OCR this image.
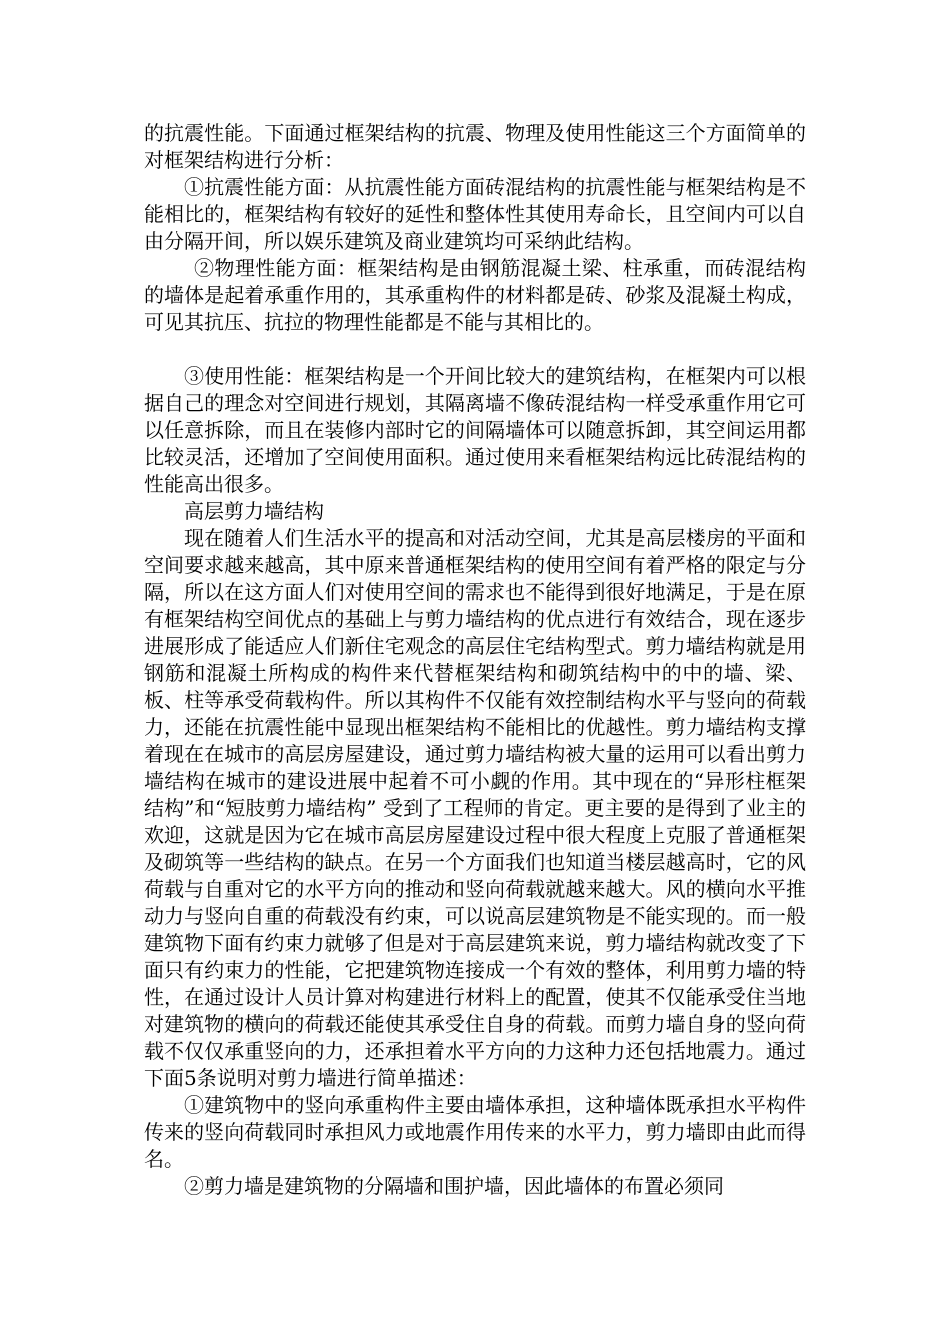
的抗震性能。下面通过框架结构的抗震、物理及使用性能这三个方面简单的对框架结构进行分析：

①抗震性能方面：从抗震性能方面砖混结构的抗震性能与框架结构是不能相比的，框架结构有较好的延性和整体性其使用寿命长，且空间内可以自由分隔开间，所以娱乐建筑及商业建筑均可采纳此结构。

②物理性能方面：框架结构是由钢筋混凝土梁、柱承重，而砖混结构的墙体是起着承重作用的，其承重构件的材料都是砖、砂浆及混凝土构成，可见其抗压、抗拉的物理性能都是不能与其相比的。

③使用性能：框架结构是一个开间比较大的建筑结构，在框架内可以根据自己的理念对空间进行规划，其隔离墙不像砖混结构一样受承重作用它可以任意拆除，而且在装修内部时它的间隔墙体可以随意拆卸，其空间运用都比较灵活，还增加了空间使用面积。通过使用来看框架结构远比砖混结构的性能高出很多。

高层剪力墙结构

现在随着人们生活水平的提高和对活动空间，尤其是高层楼房的平面和空间要求越来越高，其中原来普通框架结构的使用空间有着严格的限定与分隔，所以在这方面人们对使用空间的需求也不能得到很好地满足，于是在原有框架结构空间优点的基础上与剪力墙结构的优点进行有效结合，现在逐步进展形成了能适应人们新住宅观念的高层住宅结构型式。剪力墙结构就是用钢筋和混凝土所构成的构件来代替框架结构和砌筑结构中的中的墙、梁、板、柱等承受荷载构件。所以其构件不仅能有效控制结构水平与竖向的荷载力，还能在抗震性能中显现出框架结构不能相比的优越性。剪力墙结构支撑着现在在城市的高层房屋建设，通过剪力墙结构被大量的运用可以看出剪力墙结构在城市的建设进展中起着不可小觑的作用。其中现在的“异形柱框架结构”和“短肢剪力墙结构” 受到了工程师的肯定。更主要的是得到了业主的欢迎，这就是因为它在城市高层房屋建设过程中很大程度上克服了普通框架及砌筑等一些结构的缺点。在另一个方面我们也知道当楼层越高时，它的风荷载与自重对它的水平方向的推动和竖向荷载就越来越大。风的横向水平推动力与竖向自重的荷载没有约束，可以说高层建筑物是不能实现的。而一般建筑物下面有约束力就够了但是对于高层建筑来说，剪力墙结构就改变了下面只有约束力的性能，它把建筑物连接成一个有效的整体，利用剪力墙的特性，在通过设计人员计算对构建进行材料上的配置，使其不仅能承受住当地对建筑物的横向的荷载还能使其承受住自身的荷载。而剪力墙自身的竖向荷载不仅仅承重竖向的力，还承担着水平方向的力这种力还包括地震力。通过下面5条说明对剪力墙进行简单描述：

①建筑物中的竖向承重构件主要由墙体承担，这种墙体既承担水平构件传来的竖向荷载同时承担风力或地震作用传来的水平力，剪力墙即由此而得名。

②剪力墙是建筑物的分隔墙和围护墙，因此墙体的布置必须同
